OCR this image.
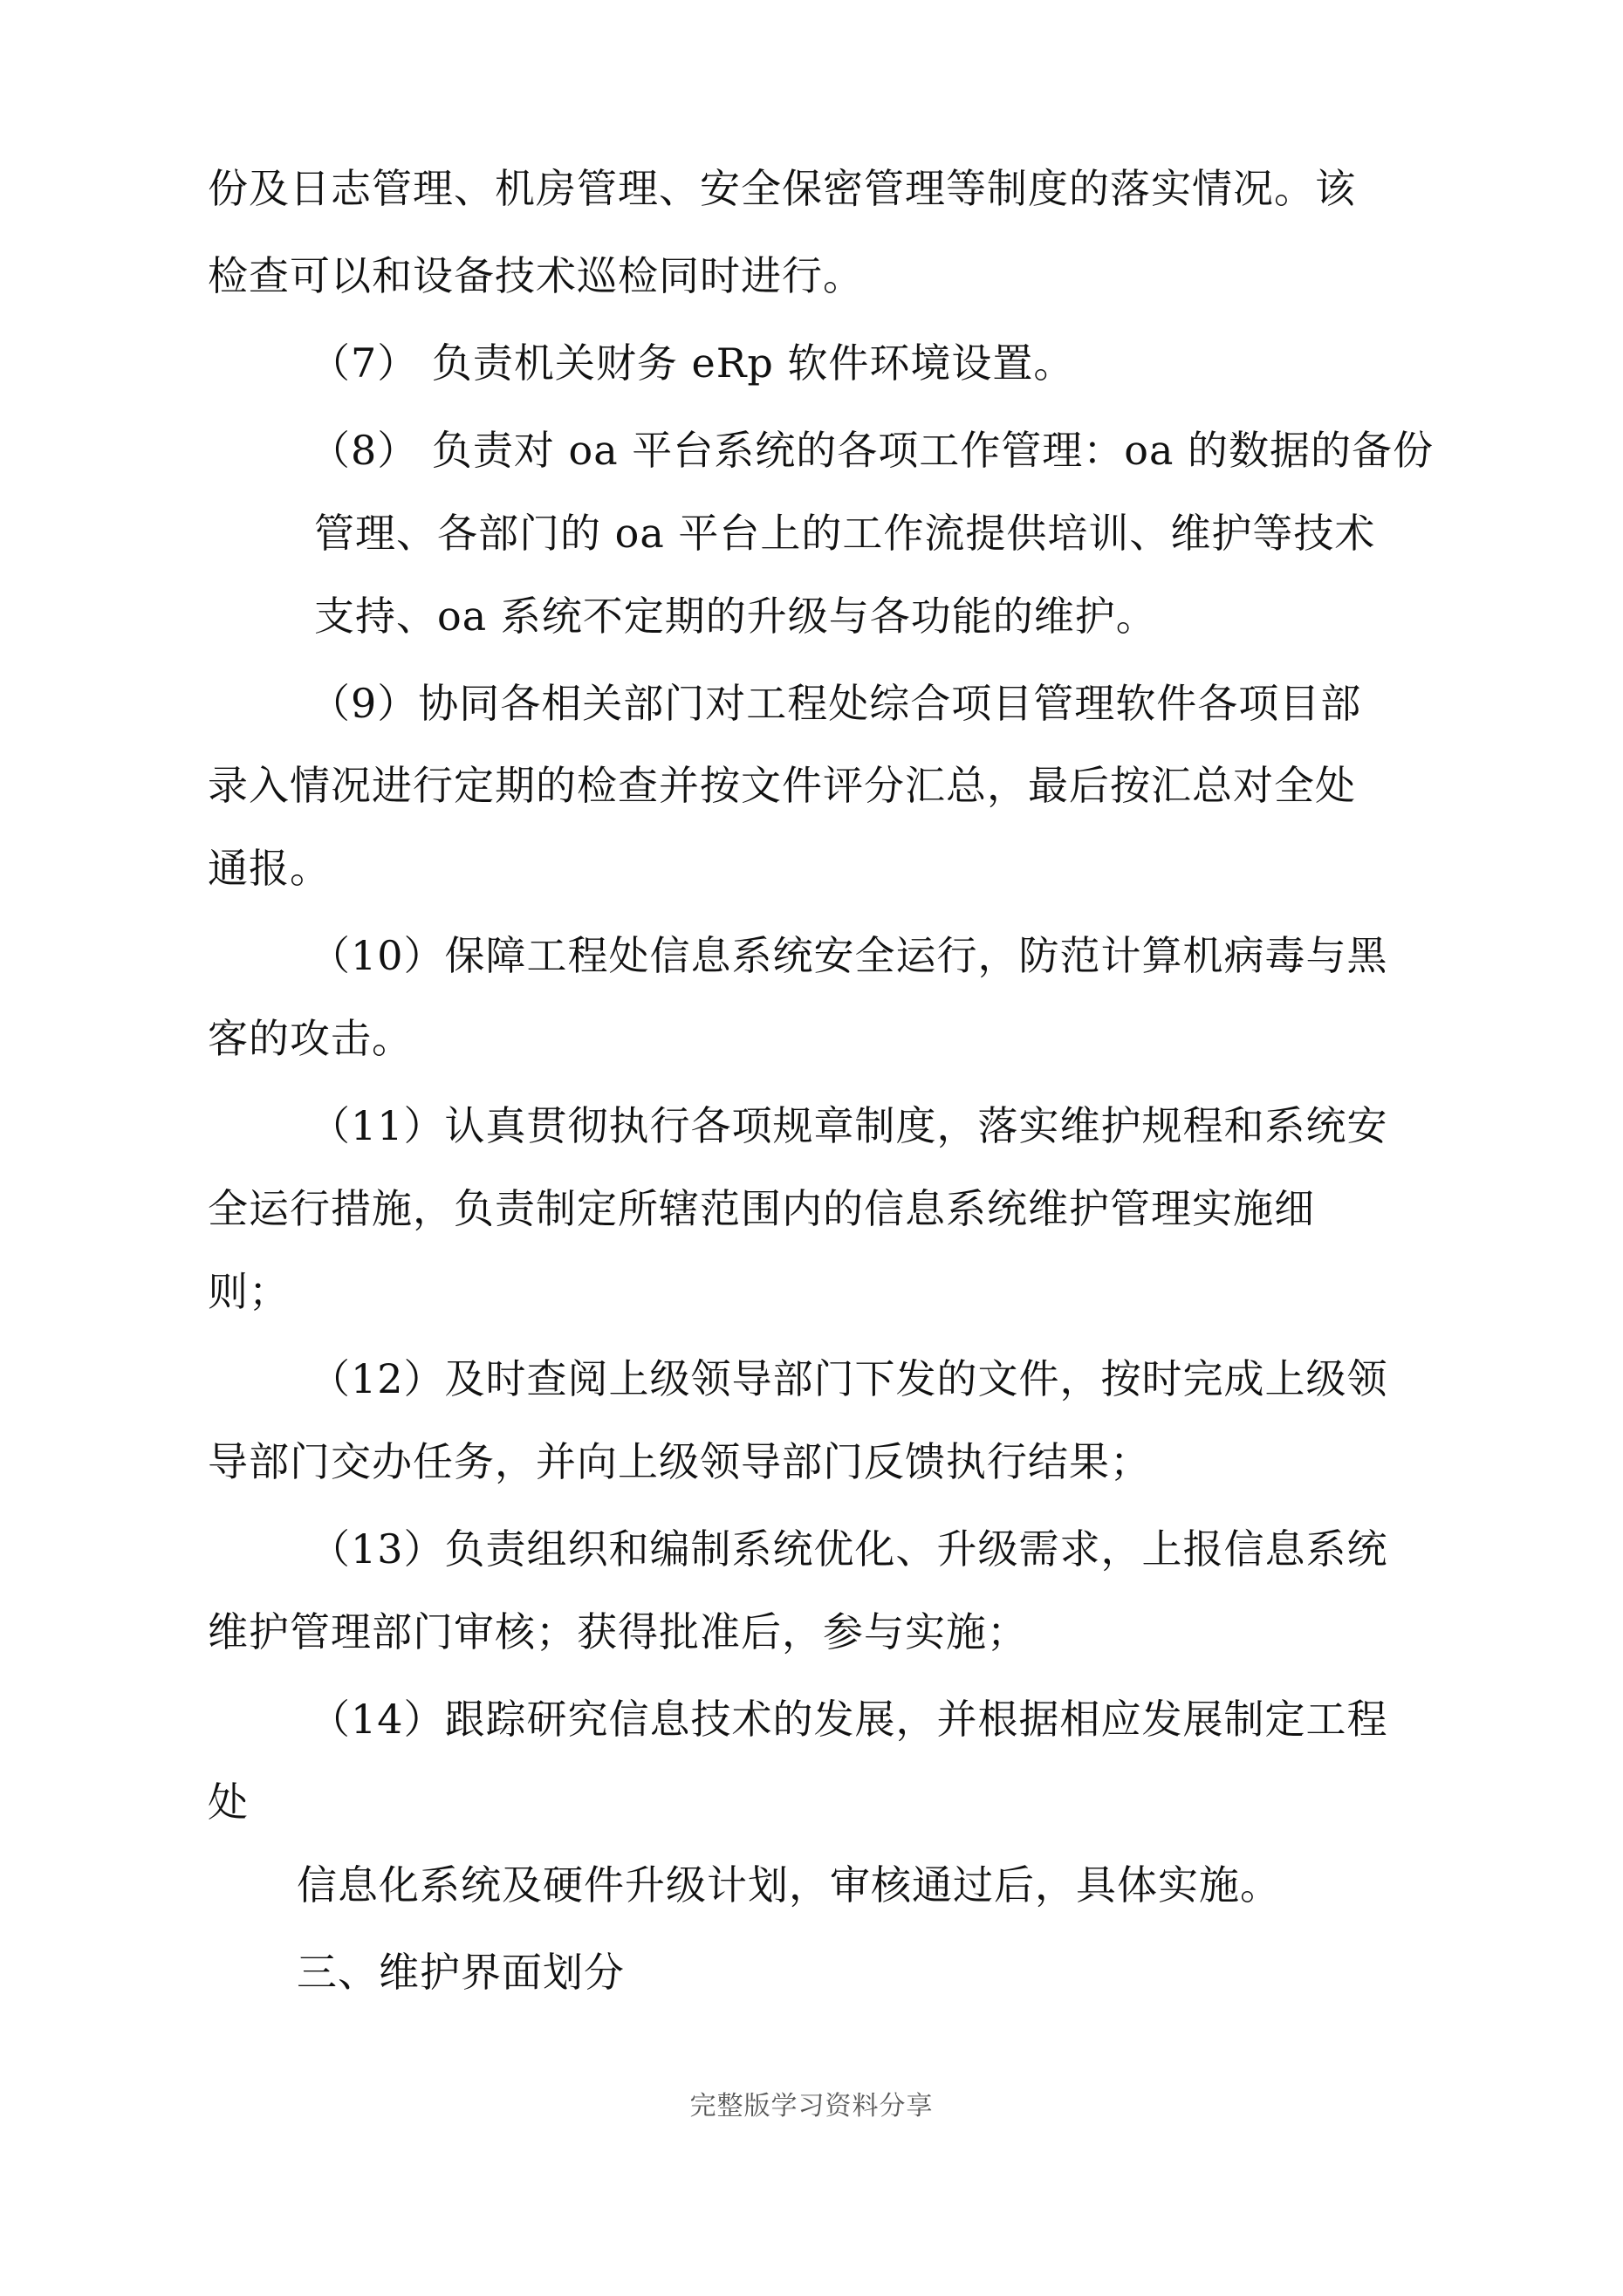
份及日志管理、机房管理、安全保密管理等制度的落实情况。该
检查可以和设备技术巡检同时进行。
（7） 负责机关财务 eRp 软件环境设置。
（8） 负责对 oa 平台系统的各项工作管理：oa 的数据的备份
管理、各部门的 oa 平台上的工作流提供培训、维护等技术
支持、oa 系统不定期的升级与各功能的维护。
（9）协同各相关部门对工程处综合项目管理软件各项目部
录入情况进行定期的检查并按文件评分汇总，最后按汇总对全处
通报。
（10）保障工程处信息系统安全运行，防范计算机病毒与黑
客的攻击。
（11）认真贯彻执行各项规章制度，落实维护规程和系统安
全运行措施，负责制定所辖范围内的信息系统维护管理实施细
则；
（12）及时查阅上级领导部门下发的文件，按时完成上级领
导部门交办任务，并向上级领导部门反馈执行结果；
（13）负责组织和编制系统优化、升级需求，上报信息系统
维护管理部门审核；获得批准后，参与实施；
（14）跟踪研究信息技术的发展，并根据相应发展制定工程
处
信息化系统及硬件升级计划，审核通过后，具体实施。
三、维护界面划分
完整版学习资料分享
